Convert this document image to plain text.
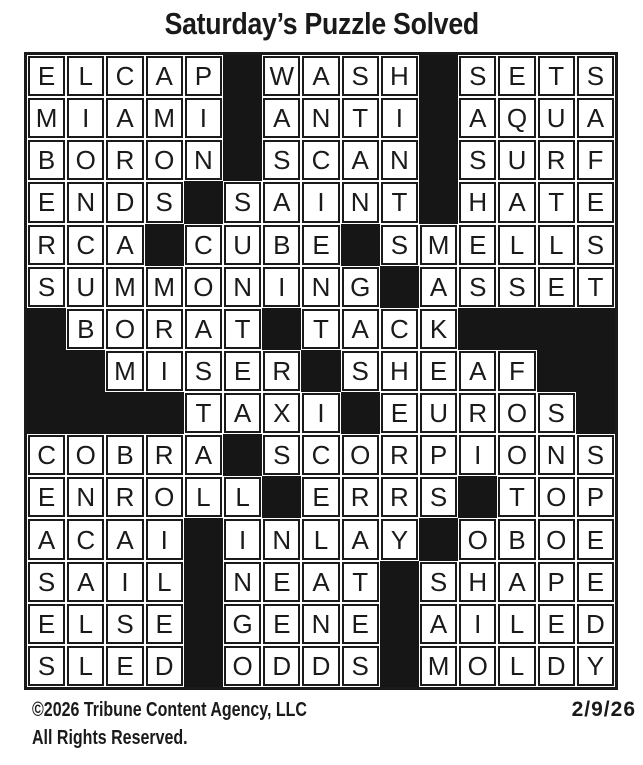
Saturday’s Puzzle Solved
E L C A P	W A S H	S E T S
M I	A M I	A N T	I	A Q U A
B O R O N	S C A N	S U R F
E N D S	S A	I	N T	H A T E
R C A	C U B E	S M E L L S
S U M M O N	I	N G	A S S E T
B O R A T	T A C K
M I	S E R	S H E A F
T A X	I	E U R O S
C O B R A	S C O R P	I O N S
E N R O L L	E R R S	T O P
A C A	I	I	N L A Y	O B O E
S A	I	L	N E A T	S H A P E
E L S E	G E N E	A	I	L E D
S L E D	O D D S	M O L D Y
©2026 Tribune Content Agency, LLC	2/9/26
All Rights Reserved.
